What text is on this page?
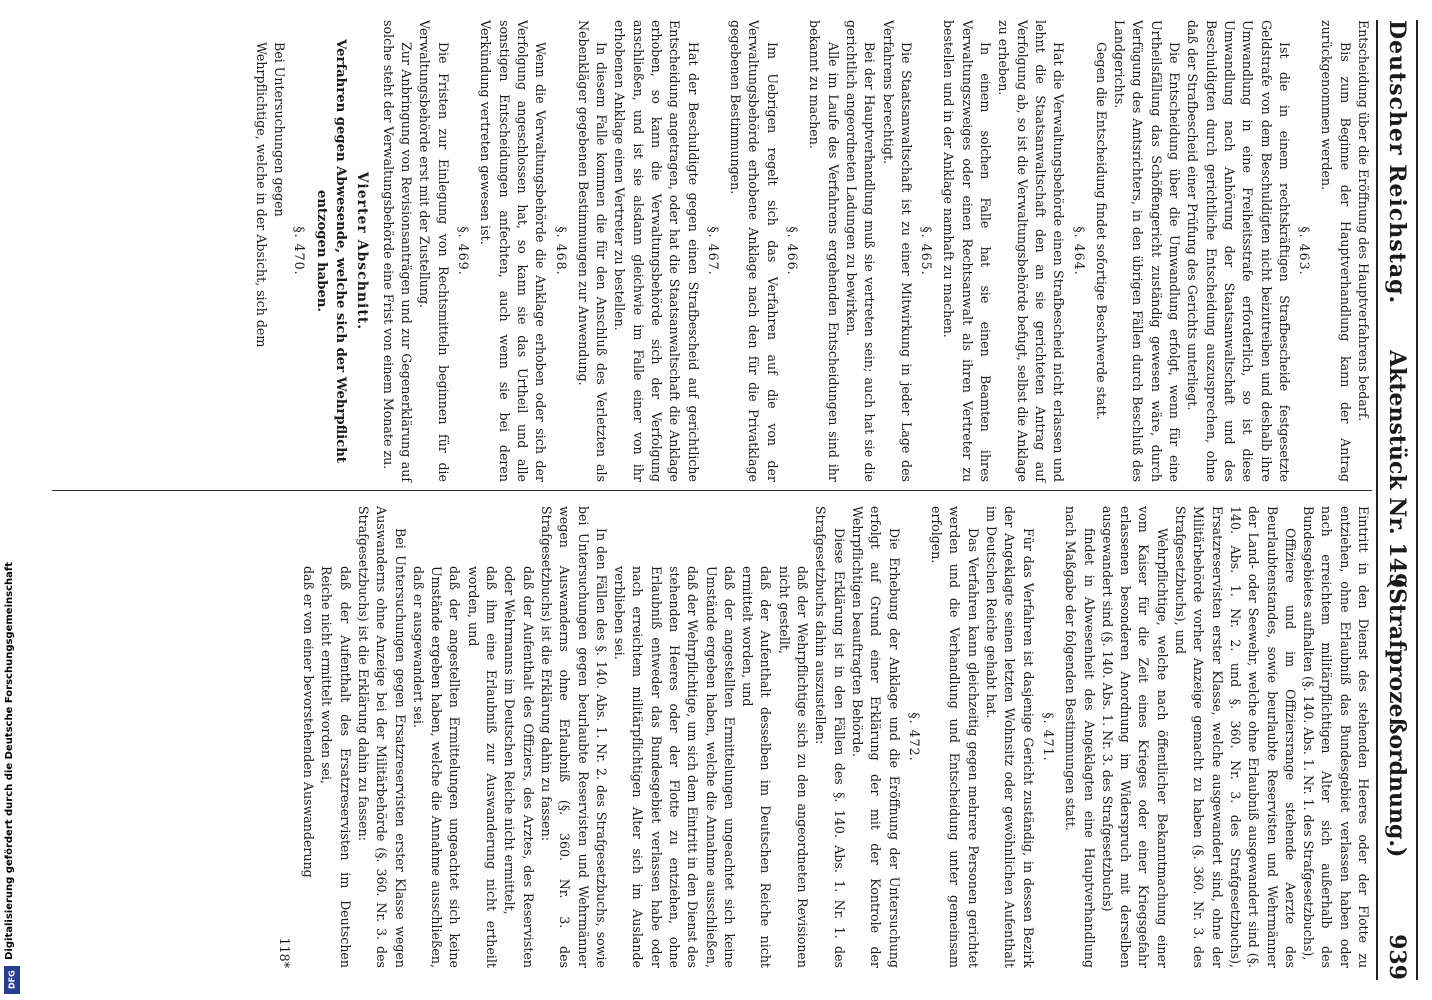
Deutscher Reichstag.
Aktenstück Nr. 149.
(Strafprozeßordnung.)          939

Entscheidung über die Eröffnung des Hauptverfahrens bedarf.

Bis zum Beginne der Hauptverhandlung kann der Antrag zurückgenommen werden.

§. 463.

Ist die in einem rechtskräftigen Strafbescheide festgesetzte Geldstrafe von dem Beschuldigten nicht beizutreiben und deshalb ihre Umwandlung in eine Freiheitsstrafe erforderlich, so ist diese Umwandlung nach Anhörung der Staatsanwaltschaft und des Beschuldigten durch gerichtliche Entscheidung auszusprechen, ohne daß der Strafbescheid einer Prüfung des Gerichts unterliegt.

Die Entscheidung über die Umwandlung erfolgt, wenn für eine Urtheilsfällung das Schöffengericht zuständig gewesen wäre, durch Verfügung des Amtsrichters, in den übrigen Fällen durch Beschluß des Landgerichts.

Gegen die Entscheidung findet sofortige Beschwerde statt.

§. 464.

Hat die Verwaltungsbehörde einen Strafbescheid nicht erlassen und lehnt die Staatsanwaltschaft den an sie gerichteten Antrag auf Verfolgung ab, so ist die Verwaltungsbehörde befugt, selbst die Anklage zu erheben.

In einem solchen Falle hat sie einen Beamten ihres Verwaltungszweiges oder einen Rechtsanwalt als ihren Vertreter zu bestellen und in der Anklage namhaft zu machen.

§. 465.

Die Staatsanwaltschaft ist zu einer Mitwirkung in jeder Lage des Verfahrens berechtigt.

Bei der Hauptverhandlung muß sie vertreten sein; auch hat sie die gerichtlich angeordneten Ladungen zu bewirken.

Alle im Laufe des Verfahrens ergehenden Entscheidungen sind ihr bekannt zu machen.

§. 466.

Im Uebrigen regelt sich das Verfahren auf die von der Verwaltungsbehörde erhobene Anklage nach den für die Privatklage gegebenen Bestimmungen.

§. 467.

Hat der Beschuldigte gegen einen Strafbescheid auf gerichtliche Entscheidung angetragen, oder hat die Staatsanwaltschaft die Anklage erhoben, so kann die Verwaltungsbehörde sich der Verfolgung anschließen, und ist sie alsdann gleichwie im Falle einer von ihr erhobenen Anklage einen Vertreter zu bestellen.

In diesem Falle kommen die für den Anschluß des Verletzten als Nebenkläger gegebenen Bestimmungen zur Anwendung.

§. 468.

Wenn die Verwaltungsbehörde die Anklage erhoben oder sich der Verfolgung angeschlossen hat, so kann sie das Urtheil und alle sonstigen Entscheidungen anfechten, auch wenn sie bei deren Verkündung vertreten gewesen ist.

§. 469.

Die Fristen zur Einlegung von Rechtsmitteln beginnen für die Verwaltungsbehörde erst mit der Zustellung.

Zur Anbringung von Revisionsanträgen und zur Gegenerklärung auf solche steht der Verwaltungsbehörde eine Frist von einem Monate zu.

Vierter Abschnitt.

Verfahren gegen Abwesende, welche sich der Wehrpflicht entzogen haben.

§. 470.

Bei Untersuchungen gegen

Wehrpflichtige, welche in der Absicht, sich dem

Eintritt in den Dienst des stehenden Heeres oder der Flotte zu entziehen, ohne Erlaubniß das Bundesgebiet verlassen haben oder nach erreichtem militärpflichtigen Alter sich außerhalb des Bundesgebietes aufhalten (§. 140. Abs. 1. Nr. 1. des Strafgesetzbuchs),

Offiziere und im Offiziersrange stehende Aerzte des Beurlaubtenstandes, sowie beurlaubte Reservisten und Wehrmänner der Land- oder Seewehr, welche ohne Erlaubniß ausgewandert sind (§. 140. Abs. 1. Nr. 2. und §. 360. Nr. 3. des Strafgesetzbuchs), Ersatzreservisten erster Klasse, welche ausgewandert sind, ohne der Militärbehörde vorher Anzeige gemacht zu haben (§. 360. Nr. 3. des Strafgesetzbuchs), und

Wehrpflichtige, welche nach öffentlicher Bekanntmachung einer vom Kaiser für die Zeit eines Krieges oder einer Kriegsgefahr erlassenen besonderen Anordnung im Widerspruch mit derselben ausgewandert sind (§. 140. Abs. 1. Nr. 3. des Strafgesetzbuchs)

findet in Abwesenheit des Angeklagten eine Hauptverhandlung nach Maßgabe der folgenden Bestimmungen statt.

§. 471.

Für das Verfahren ist dasjenige Gericht zuständig, in dessen Bezirk der Angeklagte seinen letzten Wohnsitz oder gewöhnlichen Aufenthalt im Deutschen Reiche gehabt hat.

Das Verfahren kann gleichzeitig gegen mehrere Personen gerichtet werden und die Verhandlung und Entscheidung unter gemeinsam erfolgen.

§. 472.

Die Erhebung der Anklage und die Eröffnung der Untersuchung erfolgt auf Grund einer Erklärung der mit der Kontrole der Wehrpflichtigen beauftragten Behörde.

Diese Erklärung ist in den Fällen des §. 140. Abs. 1. Nr. 1. des Strafgesetzbuchs dahin auszustellen:

daß der Wehrpflichtige sich zu den angeordneten Revisionen nicht gestellt,

daß der Aufenthalt desselben im Deutschen Reiche nicht ermittelt worden, und

daß der angestellten Ermittelungen ungeachtet sich keine Umstände ergeben haben, welche die Annahme ausschließen, daß der Wehrpflichtige, um sich dem Eintritt in den Dienst des stehenden Heeres oder der Flotte zu entziehen, ohne Erlaubniß entweder das Bundesgebiet verlassen habe oder nach erreichtem militärpflichtigen Alter sich im Auslande verblieben sei.

In den Fällen des §. 140. Abs. 1. Nr. 2. des Strafgesetzbuchs, sowie bei Untersuchungen gegen beurlaubte Reservisten und Wehrmänner wegen Auswanderns ohne Erlaubniß (§. 360. Nr. 3. des Strafgesetzbuchs) ist die Erklärung dahin zu fassen:

daß der Aufenthalt des Offiziers, des Arztes, des Reservisten oder Wehrmanns im Deutschen Reiche nicht ermittelt,

daß ihm eine Erlaubniß zur Auswanderung nicht ertheilt worden, und

daß der angestellten Ermittelungen ungeachtet sich keine Umstände ergeben haben, welche die Annahme ausschließen, daß er ausgewandert sei.

Bei Untersuchungen gegen Ersatzreservisten erster Klasse wegen Auswanderns ohne Anzeige bei der Militärbehörde (§. 360. Nr. 3. des Strafgesetzbuchs) ist die Erklärung dahin zu fassen:

daß der Aufenthalt des Ersatzreservisten im Deutschen Reiche nicht ermittelt worden sei,

daß er von einer bevorstehenden Auswanderung

118*

Digitalisierung gefördert durch die Deutsche Forschungsgemeinschaft
DFG
